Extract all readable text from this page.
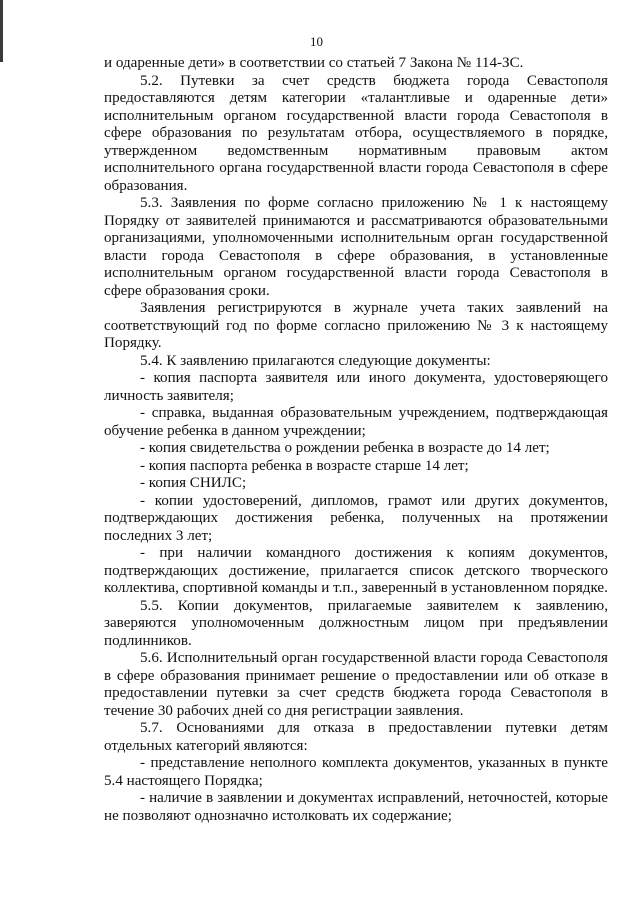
10

и одаренные дети» в соответствии со статьей 7 Закона № 114-ЗС.

5.2. Путевки за счет средств бюджета города Севастополя предоставляются детям категории «талантливые и одаренные дети» исполнительным органом государственной власти города Севастополя в сфере образования по результатам отбора, осуществляемого в порядке, утвержденном ведомственным нормативным правовым актом исполнительного органа государственной власти города Севастополя в сфере образования.

5.3. Заявления по форме согласно приложению № 1 к настоящему Порядку от заявителей принимаются и рассматриваются образовательными организациями, уполномоченными исполнительным орган государственной власти города Севастополя в сфере образования, в установленные исполнительным органом государственной власти города Севастополя в сфере образования сроки.

Заявления регистрируются в журнале учета таких заявлений на соответствующий год по форме согласно приложению № 3 к настоящему Порядку.

5.4. К заявлению прилагаются следующие документы:

- копия паспорта заявителя или иного документа, удостоверяющего личность заявителя;

- справка, выданная образовательным учреждением, подтверждающая обучение ребенка в данном учреждении;

- копия свидетельства о рождении ребенка в возрасте до 14 лет;

- копия паспорта ребенка в возрасте старше 14 лет;

- копия СНИЛС;

- копии удостоверений, дипломов, грамот или других документов, подтверждающих достижения ребенка, полученных на протяжении последних 3 лет;

- при наличии командного достижения к копиям документов, подтверждающих достижение, прилагается список детского творческого коллектива, спортивной команды и т.п., заверенный в установленном порядке.

5.5. Копии документов, прилагаемые заявителем к заявлению, заверяются уполномоченным должностным лицом при предъявлении подлинников.

5.6. Исполнительный орган государственной власти города Севастополя в сфере образования принимает решение о предоставлении или об отказе в предоставлении путевки за счет средств бюджета города Севастополя в течение 30 рабочих дней со дня регистрации заявления.

5.7. Основаниями для отказа в предоставлении путевки детям отдельных категорий являются:

- представление неполного комплекта документов, указанных в пункте 5.4 настоящего Порядка;

- наличие в заявлении и документах исправлений, неточностей, которые не позволяют однозначно истолковать их содержание;
